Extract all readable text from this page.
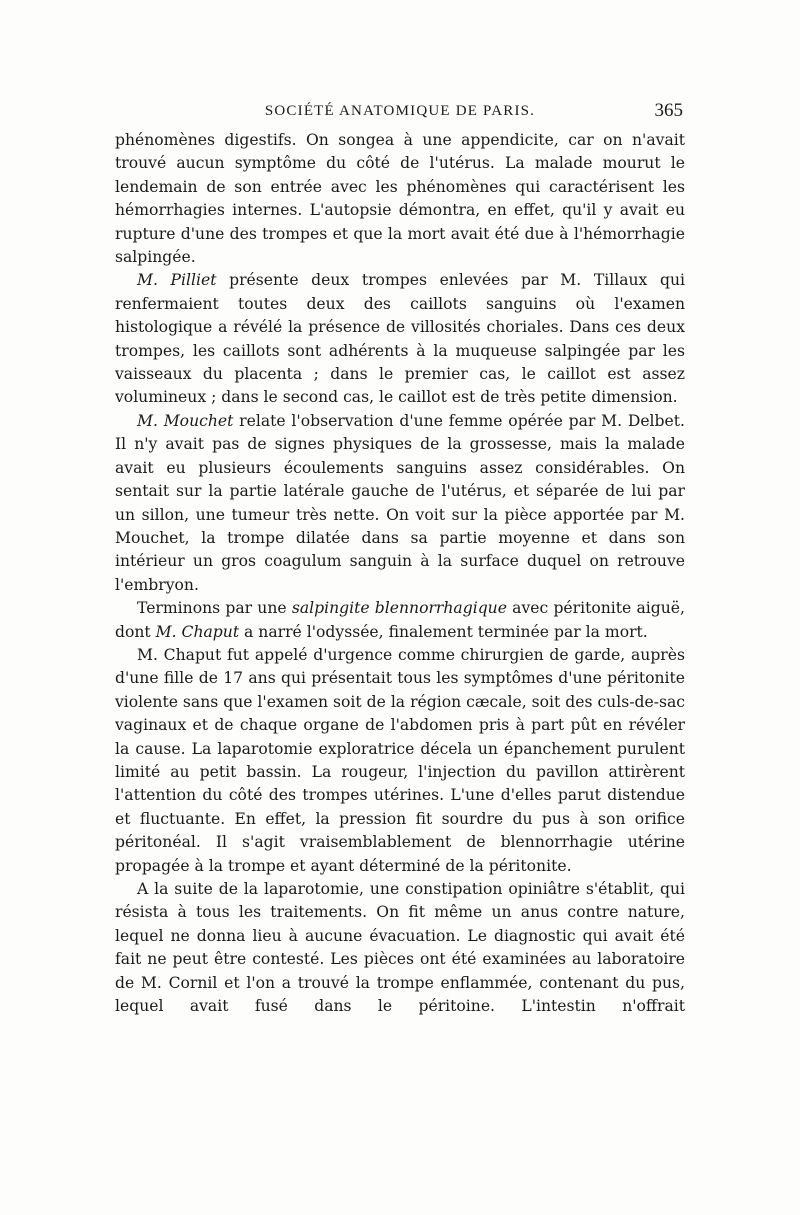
SOCIÉTÉ ANATOMIQUE DE PARIS.	365

phénomènes digestifs. On songea à une appendicite, car on n'avait trouvé aucun symptôme du côté de l'utérus. La malade mourut le lendemain de son entrée avec les phénomènes qui caractérisent les hémorrhagies internes. L'autopsie démontra, en effet, qu'il y avait eu rupture d'une des trompes et que la mort avait été due à l'hémorrhagie salpingée.

M. Pilliet présente deux trompes enlevées par M. Tillaux qui renfermaient toutes deux des caillots sanguins où l'examen histologique a révélé la présence de villosités choriales. Dans ces deux trompes, les caillots sont adhérents à la muqueuse salpingée par les vaisseaux du placenta ; dans le premier cas, le caillot est assez volumineux ; dans le second cas, le caillot est de très petite dimension.

M. Mouchet relate l'observation d'une femme opérée par M. Delbet. Il n'y avait pas de signes physiques de la grossesse, mais la malade avait eu plusieurs écoulements sanguins assez considérables. On sentait sur la partie latérale gauche de l'utérus, et séparée de lui par un sillon, une tumeur très nette. On voit sur la pièce apportée par M. Mouchet, la trompe dilatée dans sa partie moyenne et dans son intérieur un gros coagulum sanguin à la surface duquel on retrouve l'embryon.

Terminons par une salpingite blennorrhagique avec péritonite aiguë, dont M. Chaput a narré l'odyssée, finalement terminée par la mort.

M. Chaput fut appelé d'urgence comme chirurgien de garde, auprès d'une fille de 17 ans qui présentait tous les symptômes d'une péritonite violente sans que l'examen soit de la région cæcale, soit des culs-de-sac vaginaux et de chaque organe de l'abdomen pris à part pût en révéler la cause. La laparotomie exploratrice décela un épanchement purulent limité au petit bassin. La rougeur, l'injection du pavillon attirèrent l'attention du côté des trompes utérines. L'une d'elles parut distendue et fluctuante. En effet, la pression fit sourdre du pus à son orifice péritonéal. Il s'agit vraisemblablement de blennorrhagie utérine propagée à la trompe et ayant déterminé de la péritonite.

A la suite de la laparotomie, une constipation opiniâtre s'établit, qui résista à tous les traitements. On fit même un anus contre nature, lequel ne donna lieu à aucune évacuation. Le diagnostic qui avait été fait ne peut être contesté. Les pièces ont été examinées au laboratoire de M. Cornil et l'on a trouvé la trompe enflammée, contenant du pus, lequel avait fusé dans le péritoine. L'intestin n'offrait
